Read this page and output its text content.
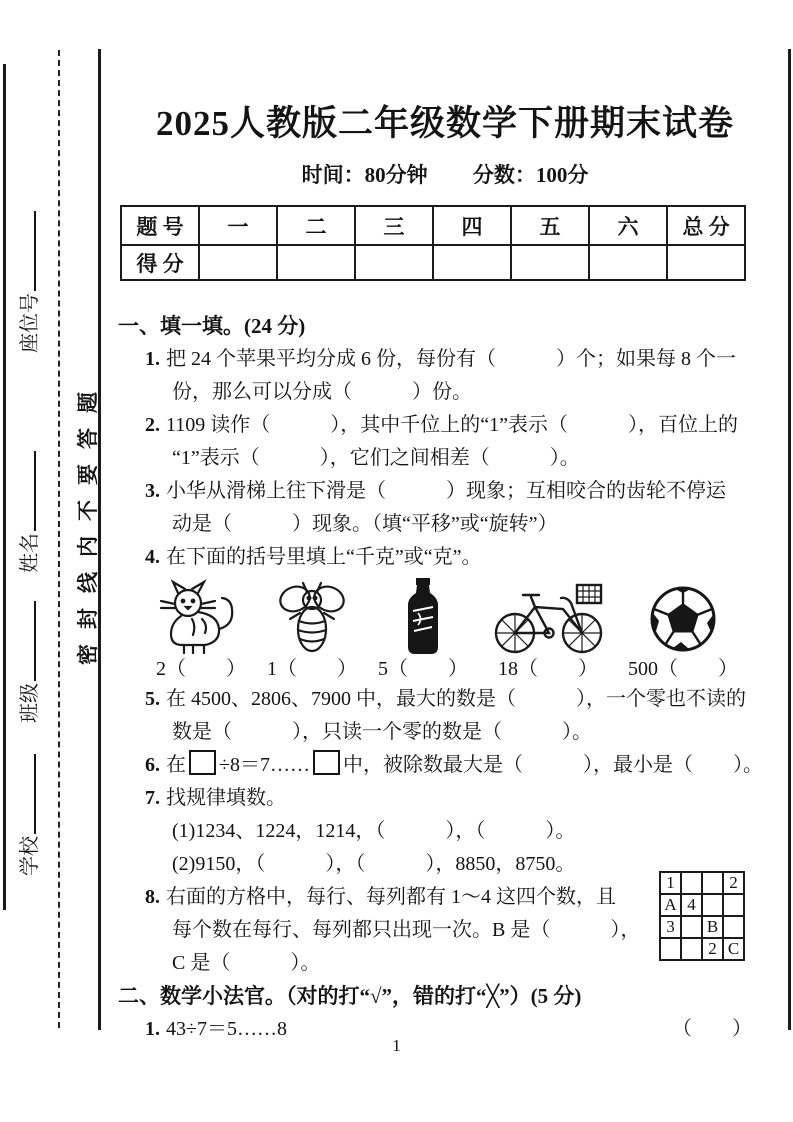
座位号
姓名
班级
学校
密封线内不要答题
2025人教版二年级数学下册期末试卷
时间：80分钟 分数：100分
题 号	一	二	三	四	五	六	总 分
得 分							
一、填一填。(24 分)
1. 把 24 个苹果平均分成 6 份，每份有（　　　）个；如果每 8 个一
份，那么可以分成（　　　）份。
2. 1109 读作（　　　），其中千位上的“1”表示（　　　），百位上的
“1”表示（　　　），它们之间相差（　　　）。
3. 小华从滑梯上往下滑是（　　　）现象；互相咬合的齿轮不停运
动是（　　　）现象。（填“平移”或“旋转”）
4. 在下面的括号里填上“千克”或“克”。
2（　　） 1（　　） 5（　　） 18（　　） 500（　　）
5. 在 4500、2806、7900 中，最大的数是（　　　），一个零也不读的
数是（　　　），只读一个零的数是（　　　）。
6. 在 ÷8＝7…… 中，被除数最大是（　　　），最小是（　　）。
7. 找规律填数。
(1)1234、1224，1214，（　　　），（　　　）。
(2)9150，（　　　），（　　　），8850，8750。
8. 右面的方格中，每行、每列都有 1～4 这四个数，且
每个数在每行、每列都只出现一次。B 是（　　　），
C 是（　　　）。
二、数学小法官。（对的打“√”，错的打“╳”）(5 分)
1. 43÷7＝5……8	（　　）
1			2
A	4		
3		B	
		2	C
1
